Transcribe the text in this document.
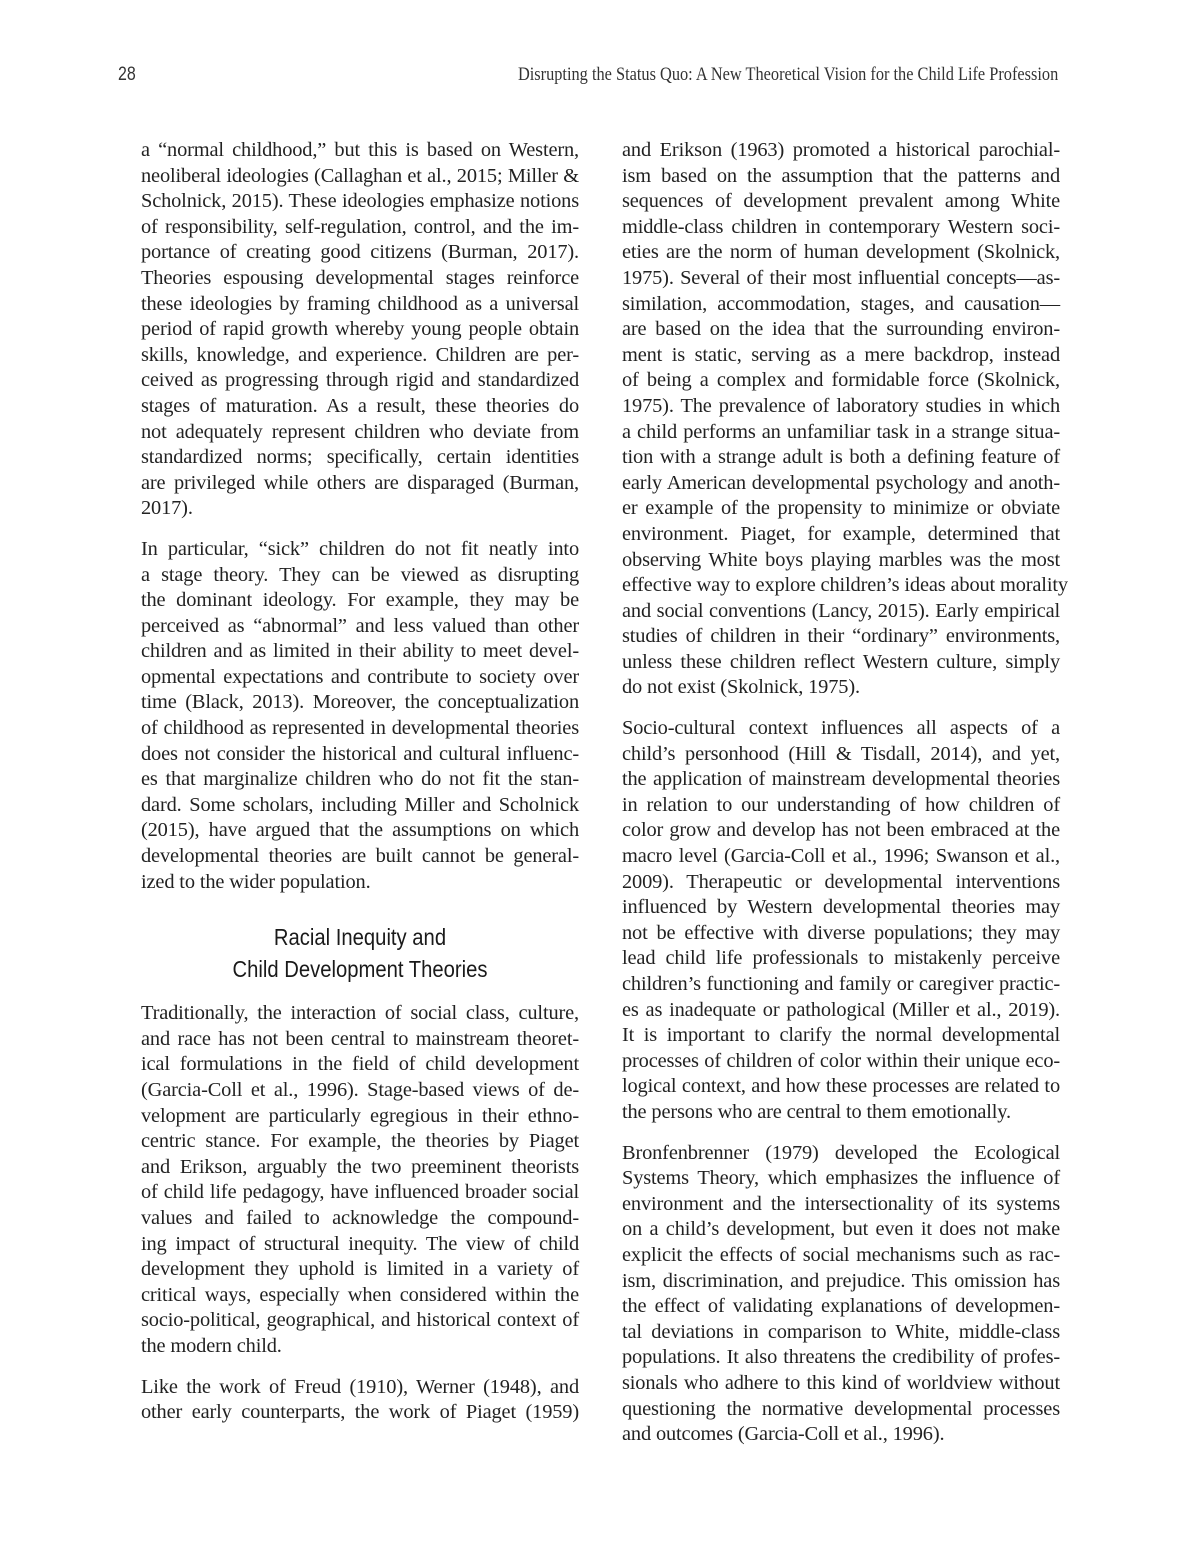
28	Disrupting the Status Quo: A New Theoretical Vision for the Child Life Profession

a “normal childhood,” but this is based on Western,
neoliberal ideologies (Callaghan et al., 2015; Miller &
Scholnick, 2015). These ideologies emphasize notions
of responsibility, self-regulation, control, and the im-
portance of creating good citizens (Burman, 2017).
Theories espousing developmental stages reinforce
these ideologies by framing childhood as a universal
period of rapid growth whereby young people obtain
skills, knowledge, and experience. Children are per-
ceived as progressing through rigid and standardized
stages of maturation. As a result, these theories do
not adequately represent children who deviate from
standardized norms; specifically, certain identities
are privileged while others are disparaged (Burman,
2017).

In particular, “sick” children do not fit neatly into
a stage theory. They can be viewed as disrupting
the dominant ideology. For example, they may be
perceived as “abnormal” and less valued than other
children and as limited in their ability to meet devel-
opmental expectations and contribute to society over
time (Black, 2013). Moreover, the conceptualization
of childhood as represented in developmental theories
does not consider the historical and cultural influenc-
es that marginalize children who do not fit the stan-
dard. Some scholars, including Miller and Scholnick
(2015), have argued that the assumptions on which
developmental theories are built cannot be general-
ized to the wider population.

Racial Inequity and
Child Development Theories

Traditionally, the interaction of social class, culture,
and race has not been central to mainstream theoret-
ical formulations in the field of child development
(Garcia-Coll et al., 1996). Stage-based views of de-
velopment are particularly egregious in their ethno-
centric stance. For example, the theories by Piaget
and Erikson, arguably the two preeminent theorists
of child life pedagogy, have influenced broader social
values and failed to acknowledge the compound-
ing impact of structural inequity. The view of child
development they uphold is limited in a variety of
critical ways, especially when considered within the
socio-political, geographical, and historical context of
the modern child.

Like the work of Freud (1910), Werner (1948), and
other early counterparts, the work of Piaget (1959)

and Erikson (1963) promoted a historical parochial-
ism based on the assumption that the patterns and
sequences of development prevalent among White
middle-class children in contemporary Western soci-
eties are the norm of human development (Skolnick,
1975). Several of their most influential concepts—as-
similation, accommodation, stages, and causation—
are based on the idea that the surrounding environ-
ment is static, serving as a mere backdrop, instead
of being a complex and formidable force (Skolnick,
1975). The prevalence of laboratory studies in which
a child performs an unfamiliar task in a strange situa-
tion with a strange adult is both a defining feature of
early American developmental psychology and anoth-
er example of the propensity to minimize or obviate
environment. Piaget, for example, determined that
observing White boys playing marbles was the most
effective way to explore children’s ideas about morality
and social conventions (Lancy, 2015). Early empirical
studies of children in their “ordinary” environments,
unless these children reflect Western culture, simply
do not exist (Skolnick, 1975).

Socio-cultural context influences all aspects of a
child’s personhood (Hill & Tisdall, 2014), and yet,
the application of mainstream developmental theories
in relation to our understanding of how children of
color grow and develop has not been embraced at the
macro level (Garcia-Coll et al., 1996; Swanson et al.,
2009). Therapeutic or developmental interventions
influenced by Western developmental theories may
not be effective with diverse populations; they may
lead child life professionals to mistakenly perceive
children’s functioning and family or caregiver practic-
es as inadequate or pathological (Miller et al., 2019).
It is important to clarify the normal developmental
processes of children of color within their unique eco-
logical context, and how these processes are related to
the persons who are central to them emotionally.

Bronfenbrenner (1979) developed the Ecological
Systems Theory, which emphasizes the influence of
environment and the intersectionality of its systems
on a child’s development, but even it does not make
explicit the effects of social mechanisms such as rac-
ism, discrimination, and prejudice. This omission has
the effect of validating explanations of developmen-
tal deviations in comparison to White, middle-class
populations. It also threatens the credibility of profes-
sionals who adhere to this kind of worldview without
questioning the normative developmental processes
and outcomes (Garcia-Coll et al., 1996).
